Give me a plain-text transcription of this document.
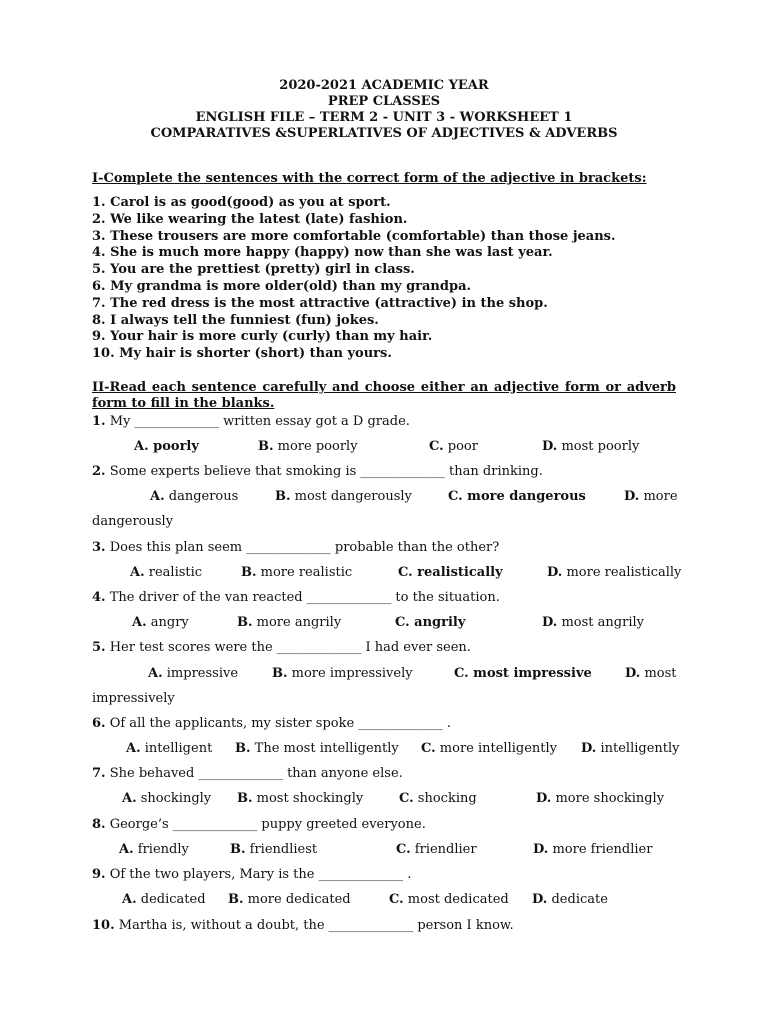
2020-2021 ACADEMIC YEAR
PREP CLASSES
ENGLISH FILE – TERM 2 - UNIT 3 - WORKSHEET 1
COMPARATIVES &SUPERLATIVES OF ADJECTIVES & ADVERBS
I-Complete the sentences with the correct form of the adjective in brackets:
1. Carol is as good(good) as you at sport.
2. We like wearing the latest (late) fashion.
3. These trousers are more comfortable (comfortable) than those jeans.
4. She is much more happy (happy) now than she was last year.
5. You are the prettiest (pretty) girl in class.
6. My grandma is more older(old) than my grandpa.
7. The red dress is the most attractive (attractive) in the shop.
8. I always tell the funniest (fun) jokes.
9. Your hair is more curly (curly) than my hair.
10. My hair is shorter (short) than yours.
II-Read each sentence carefully and choose either an adjective form or adverb form to fill in the blanks.
1. My _____________ written essay got a D grade.
A. poorly	B. more poorly	C. poor	D. most poorly
2. Some experts believe that smoking is _____________ than drinking.
A. dangerous	B. most dangerously	C. more dangerous	D. more
dangerously
3. Does this plan seem _____________ probable than the other?
A. realistic	B. more realistic	C. realistically	D. more realistically
4. The driver of the van reacted _____________ to the situation.
A. angry	B. more angrily	C. angrily	D. most angrily
5. Her test scores were the _____________ I had ever seen.
A. impressive	B. more impressively	C. most impressive	D. most
impressively
6. Of all the applicants, my sister spoke _____________ .
A. intelligent B. The most intelligently C. more intelligently D. intelligently
7. She behaved _____________ than anyone else.
A. shockingly B. most shockingly	C. shocking	D. more shockingly
8. George’s _____________ puppy greeted everyone.
A. friendly	B. friendliest	C. friendlier	D. more friendlier
9. Of the two players, Mary is the _____________ .
A. dedicated B. more dedicated	C. most dedicated D. dedicate
10. Martha is, without a doubt, the _____________ person I know.
